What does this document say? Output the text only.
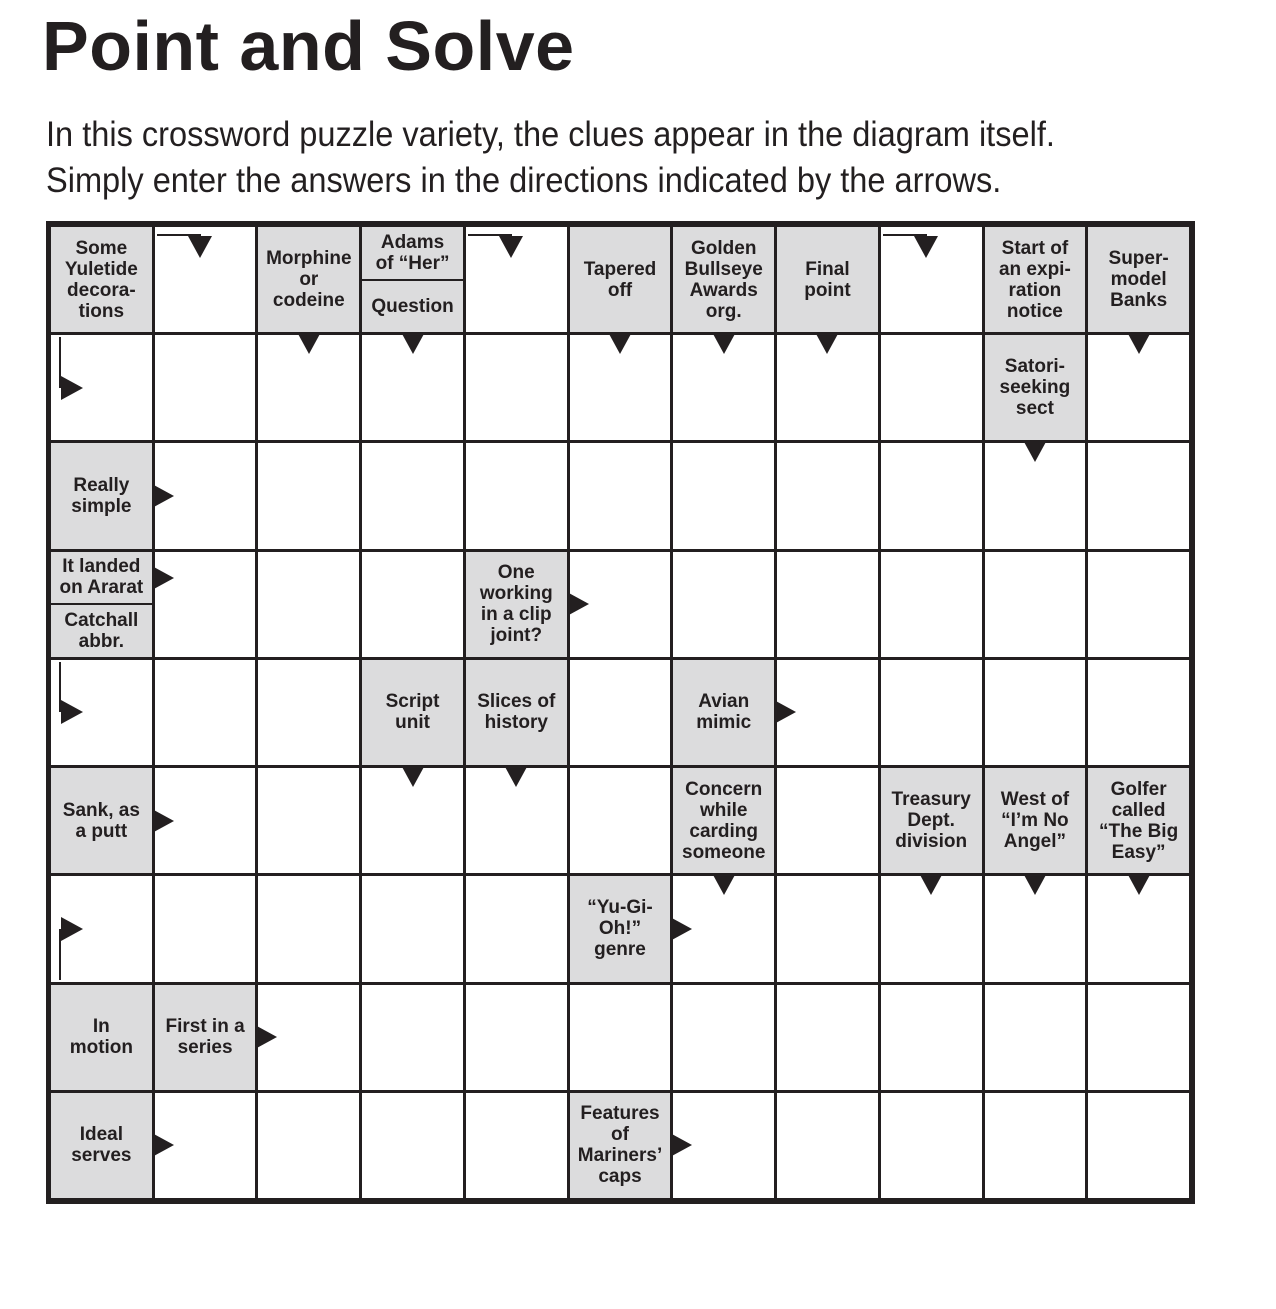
Point and Solve

In this crossword puzzle variety, the clues appear in the diagram itself.
Simply enter the answers in the directions indicated by the arrows.

Some
Yuletide
decora-
tions
Morphine
or
codeine
Adams
of “Her”
Question
Tapered
off
Golden
Bullseye
Awards
org.
Final
point
Start of
an expi-
ration
notice
Super-
model
Banks
Satori-
seeking
sect
Really
simple
It landed
on Ararat
Catchall
abbr.
One
working
in a clip
joint?
Script
unit
Slices of
history
Avian
mimic
Sank, as
a putt
Concern
while
carding
someone
Treasury
Dept.
division
West of
“I’m No
Angel”
Golfer
called
“The Big
Easy”
“Yu-Gi-
Oh!”
genre
In
motion
First in a
series
Ideal
serves
Features
of
Mariners’
caps
